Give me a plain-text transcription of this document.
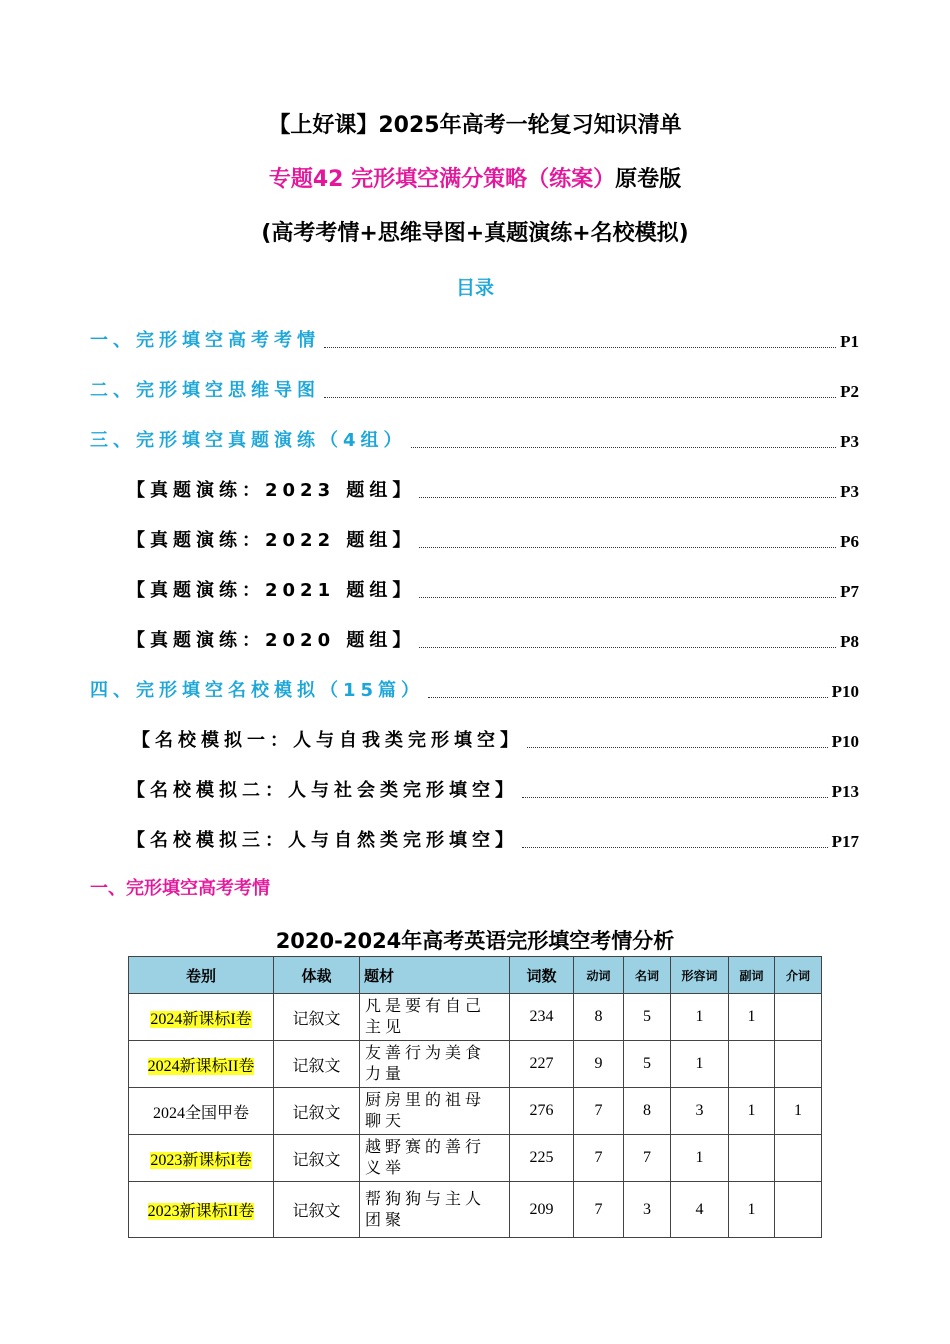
【上好课】2025年高考一轮复习知识清单
专题42 完形填空满分策略（练案）原卷版
(高考考情+思维导图+真题演练+名校模拟)
目录
一、完形填空高考考情	P1
二、完形填空思维导图	P2
三、完形填空真题演练（4组）	P3
【真题演练：2023 题组】	P3
【真题演练：2022 题组】	P6
【真题演练：2021 题组】	P7
【真题演练：2020 题组】	P8
四、完形填空名校模拟（15篇）	P10
【名校模拟一：人与自我类完形填空】	P10
【名校模拟二：人与社会类完形填空】	P13
【名校模拟三：人与自然类完形填空】	P17
一、完形填空高考考情
2020-2024年高考英语完形填空考情分析
卷别	体裁	题材	词数	动词	名词	形容词	副词	介词
2024新课标I卷	记叙文	凡是要有自己主见	234	8	5	1	1	
2024新课标II卷	记叙文	友善行为美食力量	227	9	5	1		
2024全国甲卷	记叙文	厨房里的祖母聊天	276	7	8	3	1	1
2023新课标I卷	记叙文	越野赛的善行义举	225	7	7	1		
2023新课标II卷	记叙文	帮狗狗与主人团聚	209	7	3	4	1	
